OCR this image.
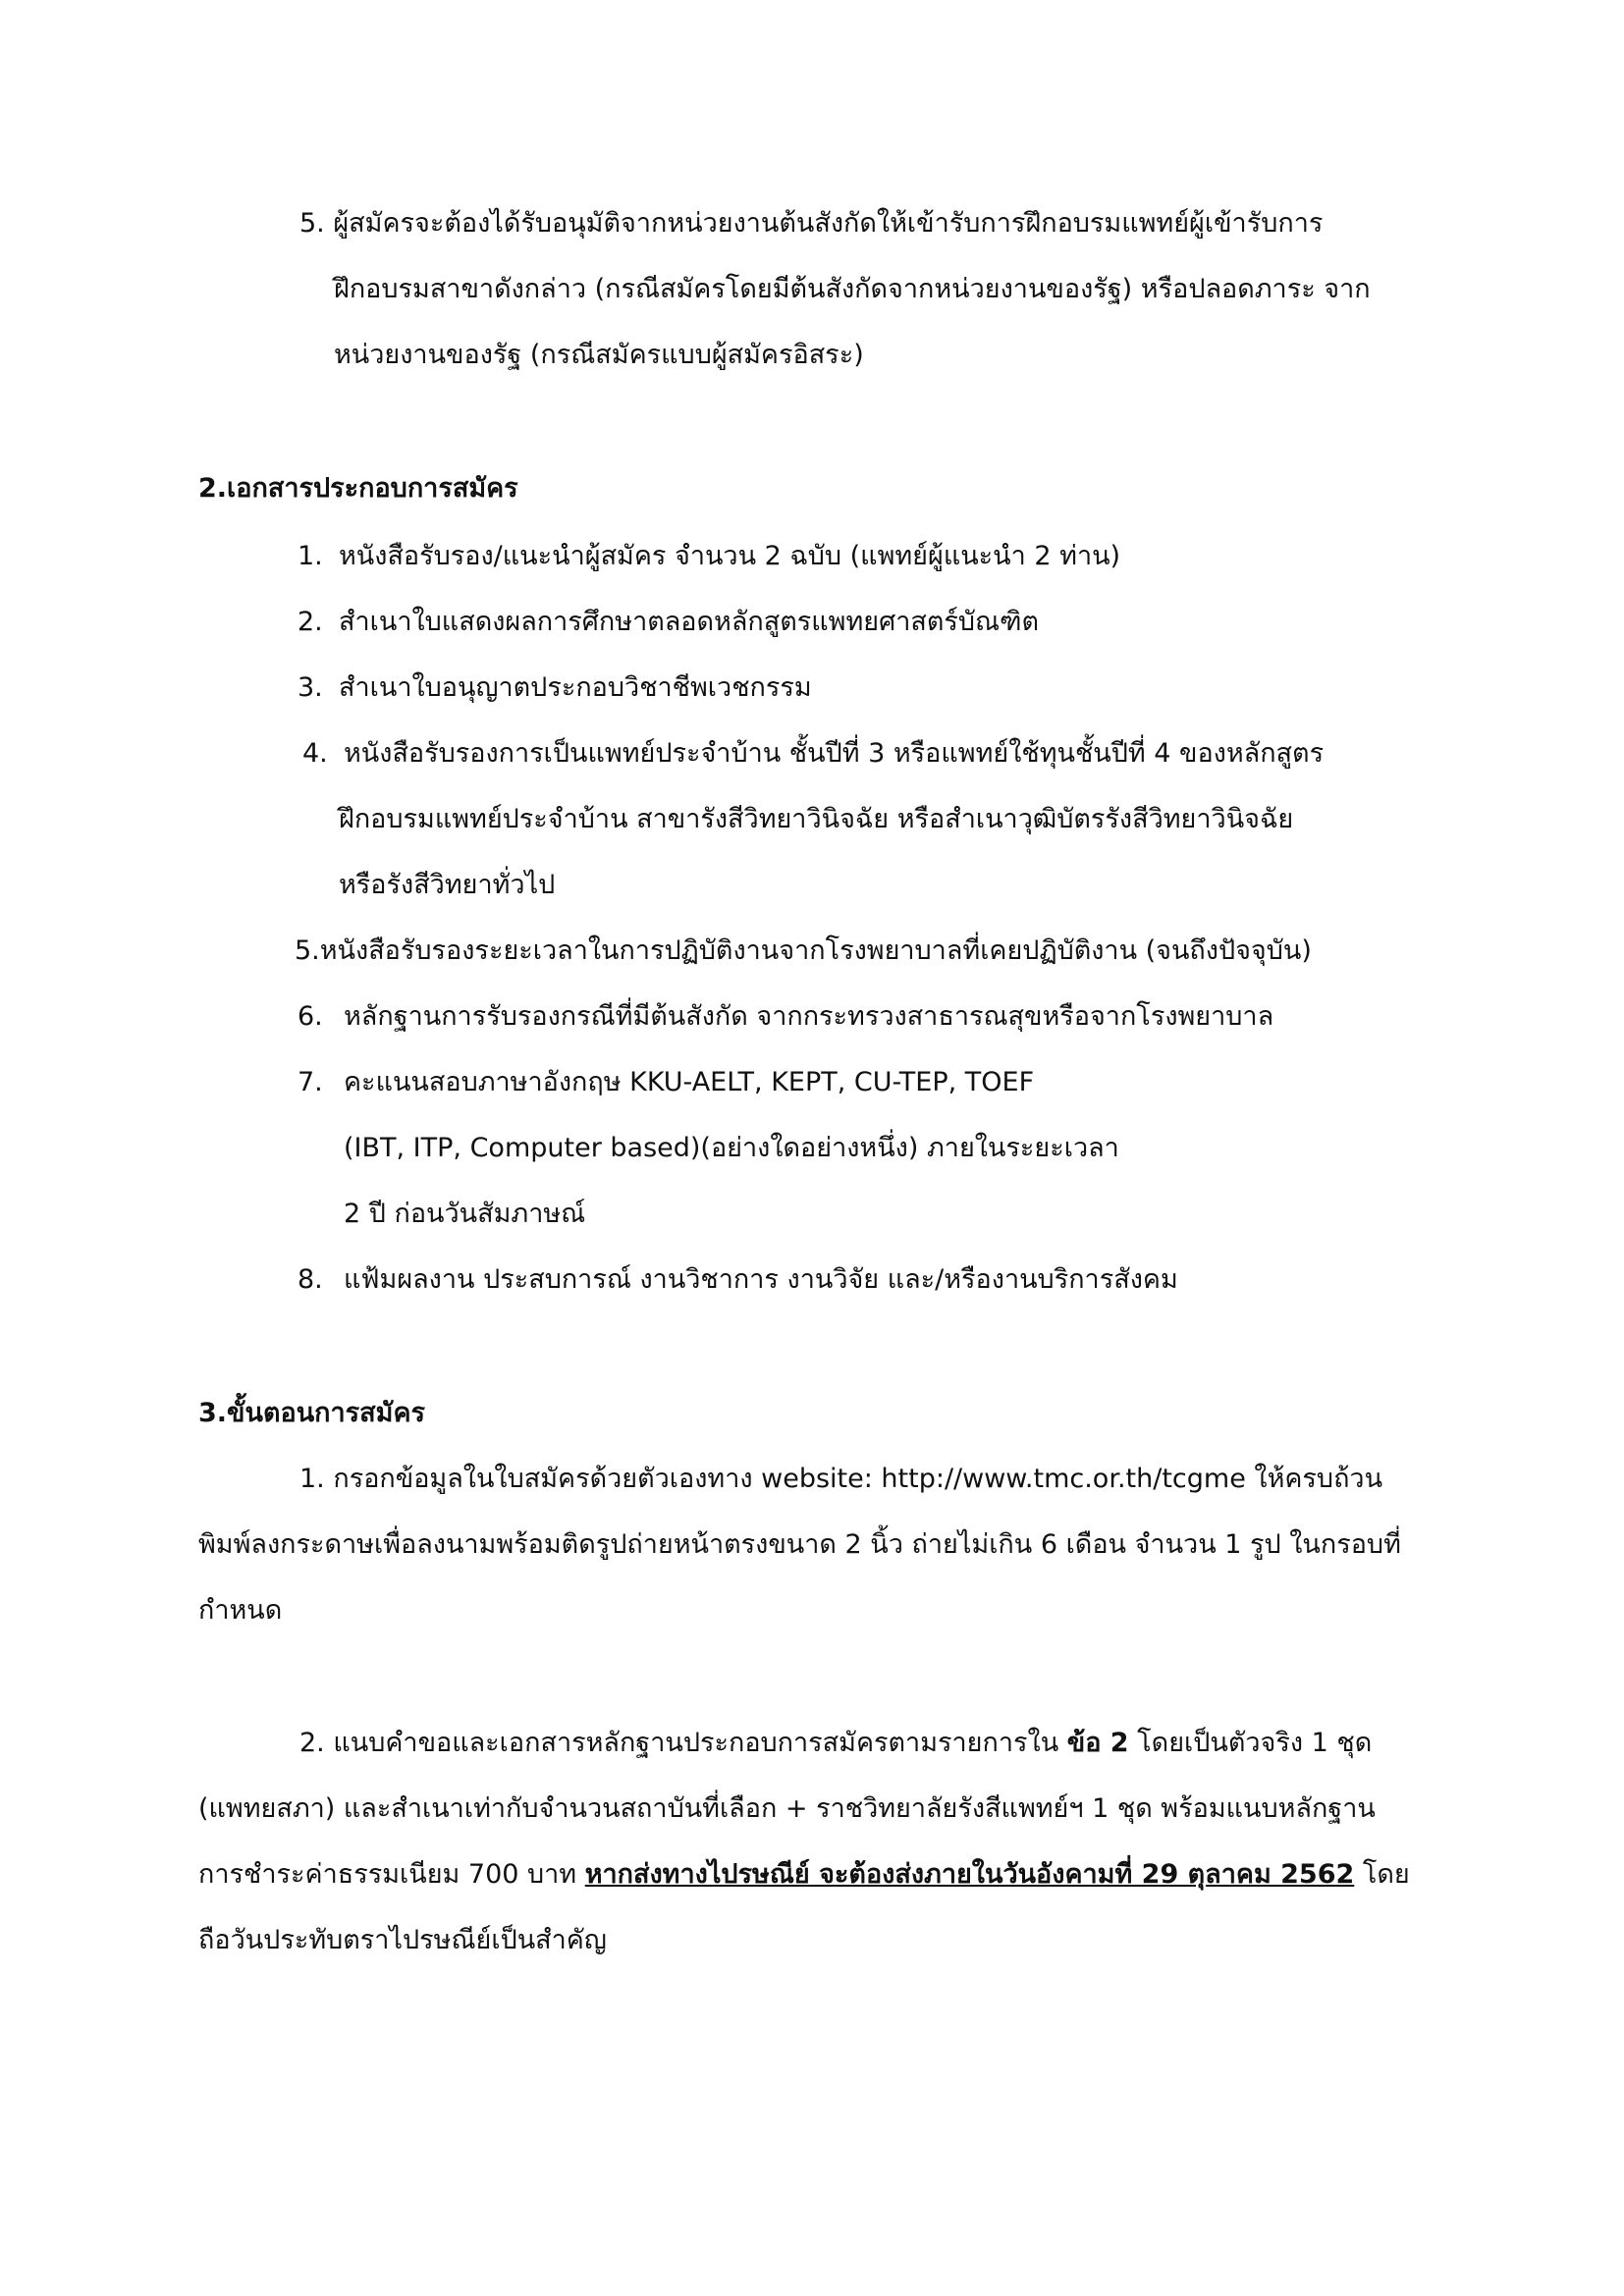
5. ผู้สมัครจะต้องได้รับอนุมัติจากหน่วยงานต้นสังกัดให้เข้ารับการฝึกอบรมแพทย์ผู้เข้ารับการ
ฝึกอบรมสาขาดังกล่าว (กรณีสมัครโดยมีต้นสังกัดจากหน่วยงานของรัฐ) หรือปลอดภาระ จาก
หน่วยงานของรัฐ (กรณีสมัครแบบผู้สมัครอิสระ)
2.เอกสารประกอบการสมัคร
1. หนังสือรับรอง/แนะนำผู้สมัคร จำนวน 2 ฉบับ (แพทย์ผู้แนะนำ 2 ท่าน)
2. สำเนาใบแสดงผลการศึกษาตลอดหลักสูตรแพทยศาสตร์บัณฑิต
3. สำเนาใบอนุญาตประกอบวิชาชีพเวชกรรม
4. หนังสือรับรองการเป็นแพทย์ประจำบ้าน ชั้นปีที่ 3 หรือแพทย์ใช้ทุนชั้นปีที่ 4 ของหลักสูตร
ฝึกอบรมแพทย์ประจำบ้าน สาขารังสีวิทยาวินิจฉัย หรือสำเนาวุฒิบัตรรังสีวิทยาวินิจฉัย
หรือรังสีวิทยาทั่วไป
5.หนังสือรับรองระยะเวลาในการปฏิบัติงานจากโรงพยาบาลที่เคยปฏิบัติงาน (จนถึงปัจจุบัน)
6. หลักฐานการรับรองกรณีที่มีต้นสังกัด จากกระทรวงสาธารณสุขหรือจากโรงพยาบาล
7. คะแนนสอบภาษาอังกฤษ KKU-AELT, KEPT, CU-TEP, TOEF
(IBT, ITP, Computer based)(อย่างใดอย่างหนึ่ง) ภายในระยะเวลา
2 ปี ก่อนวันสัมภาษณ์
8. แฟ้มผลงาน ประสบการณ์ งานวิชาการ งานวิจัย และ/หรืองานบริการสังคม
3.ขั้นตอนการสมัคร
1. กรอกข้อมูลในใบสมัครด้วยตัวเองทาง website: http://www.tmc.or.th/tcgme ให้ครบถ้วน
พิมพ์ลงกระดาษเพื่อลงนามพร้อมติดรูปถ่ายหน้าตรงขนาด 2 นิ้ว ถ่ายไม่เกิน 6 เดือน จำนวน 1 รูป ในกรอบที่
กำหนด
2. แนบคำขอและเอกสารหลักฐานประกอบการสมัครตามรายการใน ข้อ 2 โดยเป็นตัวจริง 1 ชุด
(แพทยสภา) และสำเนาเท่ากับจำนวนสถาบันที่เลือก + ราชวิทยาลัยรังสีแพทย์ฯ 1 ชุด พร้อมแนบหลักฐาน
การชำระค่าธรรมเนียม 700 บาท หากส่งทางไปรษณีย์ จะต้องส่งภายในวันอังคามที่ 29 ตุลาคม 2562 โดย
ถือวันประทับตราไปรษณีย์เป็นสำคัญ
